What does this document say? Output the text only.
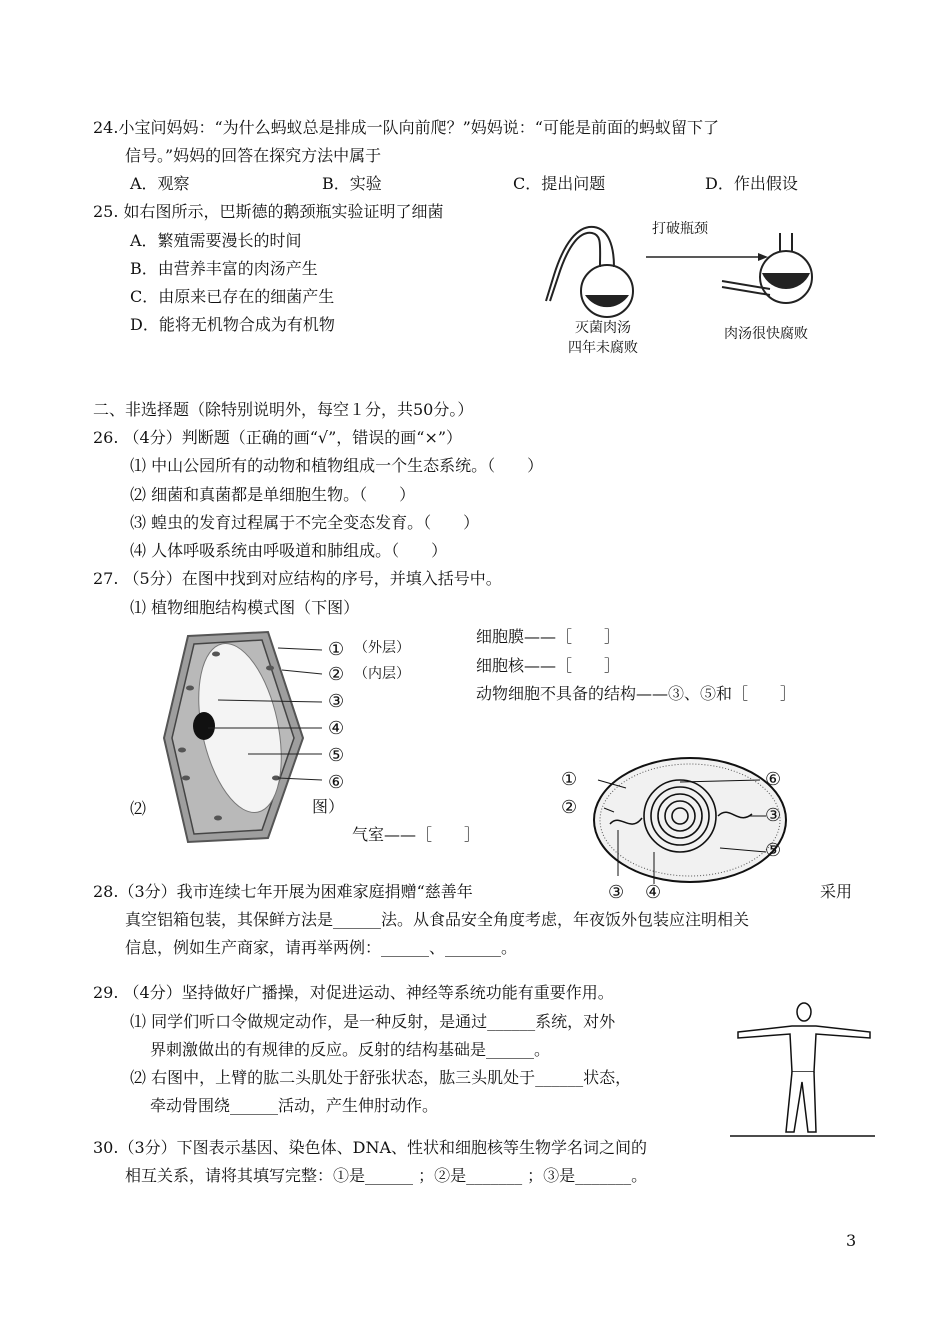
24.小宝问妈妈：“为什么蚂蚁总是排成一队向前爬？”妈妈说：“可能是前面的蚂蚁留下了
信号。”妈妈的回答在探究方法中属于
A．观察	B．实验	C．提出问题	D．作出假设
25. 如右图所示，巴斯德的鹅颈瓶实验证明了细菌
A．繁殖需要漫长的时间
B．由营养丰富的肉汤产生
C．由原来已存在的细菌产生
D．能将无机物合成为有机物
打破瓶颈
灭菌肉汤
四年未腐败
肉汤很快腐败
二、非选择题（除特别说明外，每空１分，共50分。）
26. （4分）判断题（正确的画“√”，错误的画“×”）
⑴ 中山公园所有的动物和植物组成一个生态系统。（　　）
⑵ 细菌和真菌都是单细胞生物。（　　）
⑶ 蝗虫的发育过程属于不完全变态发育。（　　）
⑷ 人体呼吸系统由呼吸道和肺组成。（　　）
27. （5分）在图中找到对应结构的序号，并填入括号中。
⑴ 植物细胞结构模式图（下图）
①
②
③
④
⑤
⑥
（外层）
（内层）
细胞膜——［　　］
细胞核——［　　］
动物细胞不具备的结构——③、⑤和［　　］
⑵	图）
气室——［　　］
①
②	③
④
⑤
⑥
③
28.（3分）我市连续七年开展为困难家庭捐赠“慈善年	采用
真空铝箱包装，其保鲜方法是______法。从食品安全角度考虑，年夜饭外包装应注明相关
信息，例如生产商家，请再举两例：______、_______。
29. （4分）坚持做好广播操，对促进运动、神经等系统功能有重要作用。
⑴ 同学们听口令做规定动作，是一种反射，是通过______系统，对外
界刺激做出的有规律的反应。反射的结构基础是______。
⑵ 右图中，上臂的肱二头肌处于舒张状态，肱三头肌处于______状态，
牵动骨围绕______活动，产生伸肘动作。
30.（3分）下图表示基因、染色体、DNA、性状和细胞核等生物学名词之间的
相互关系，请将其填写完整：①是______ ；②是_______ ；③是_______。
3
